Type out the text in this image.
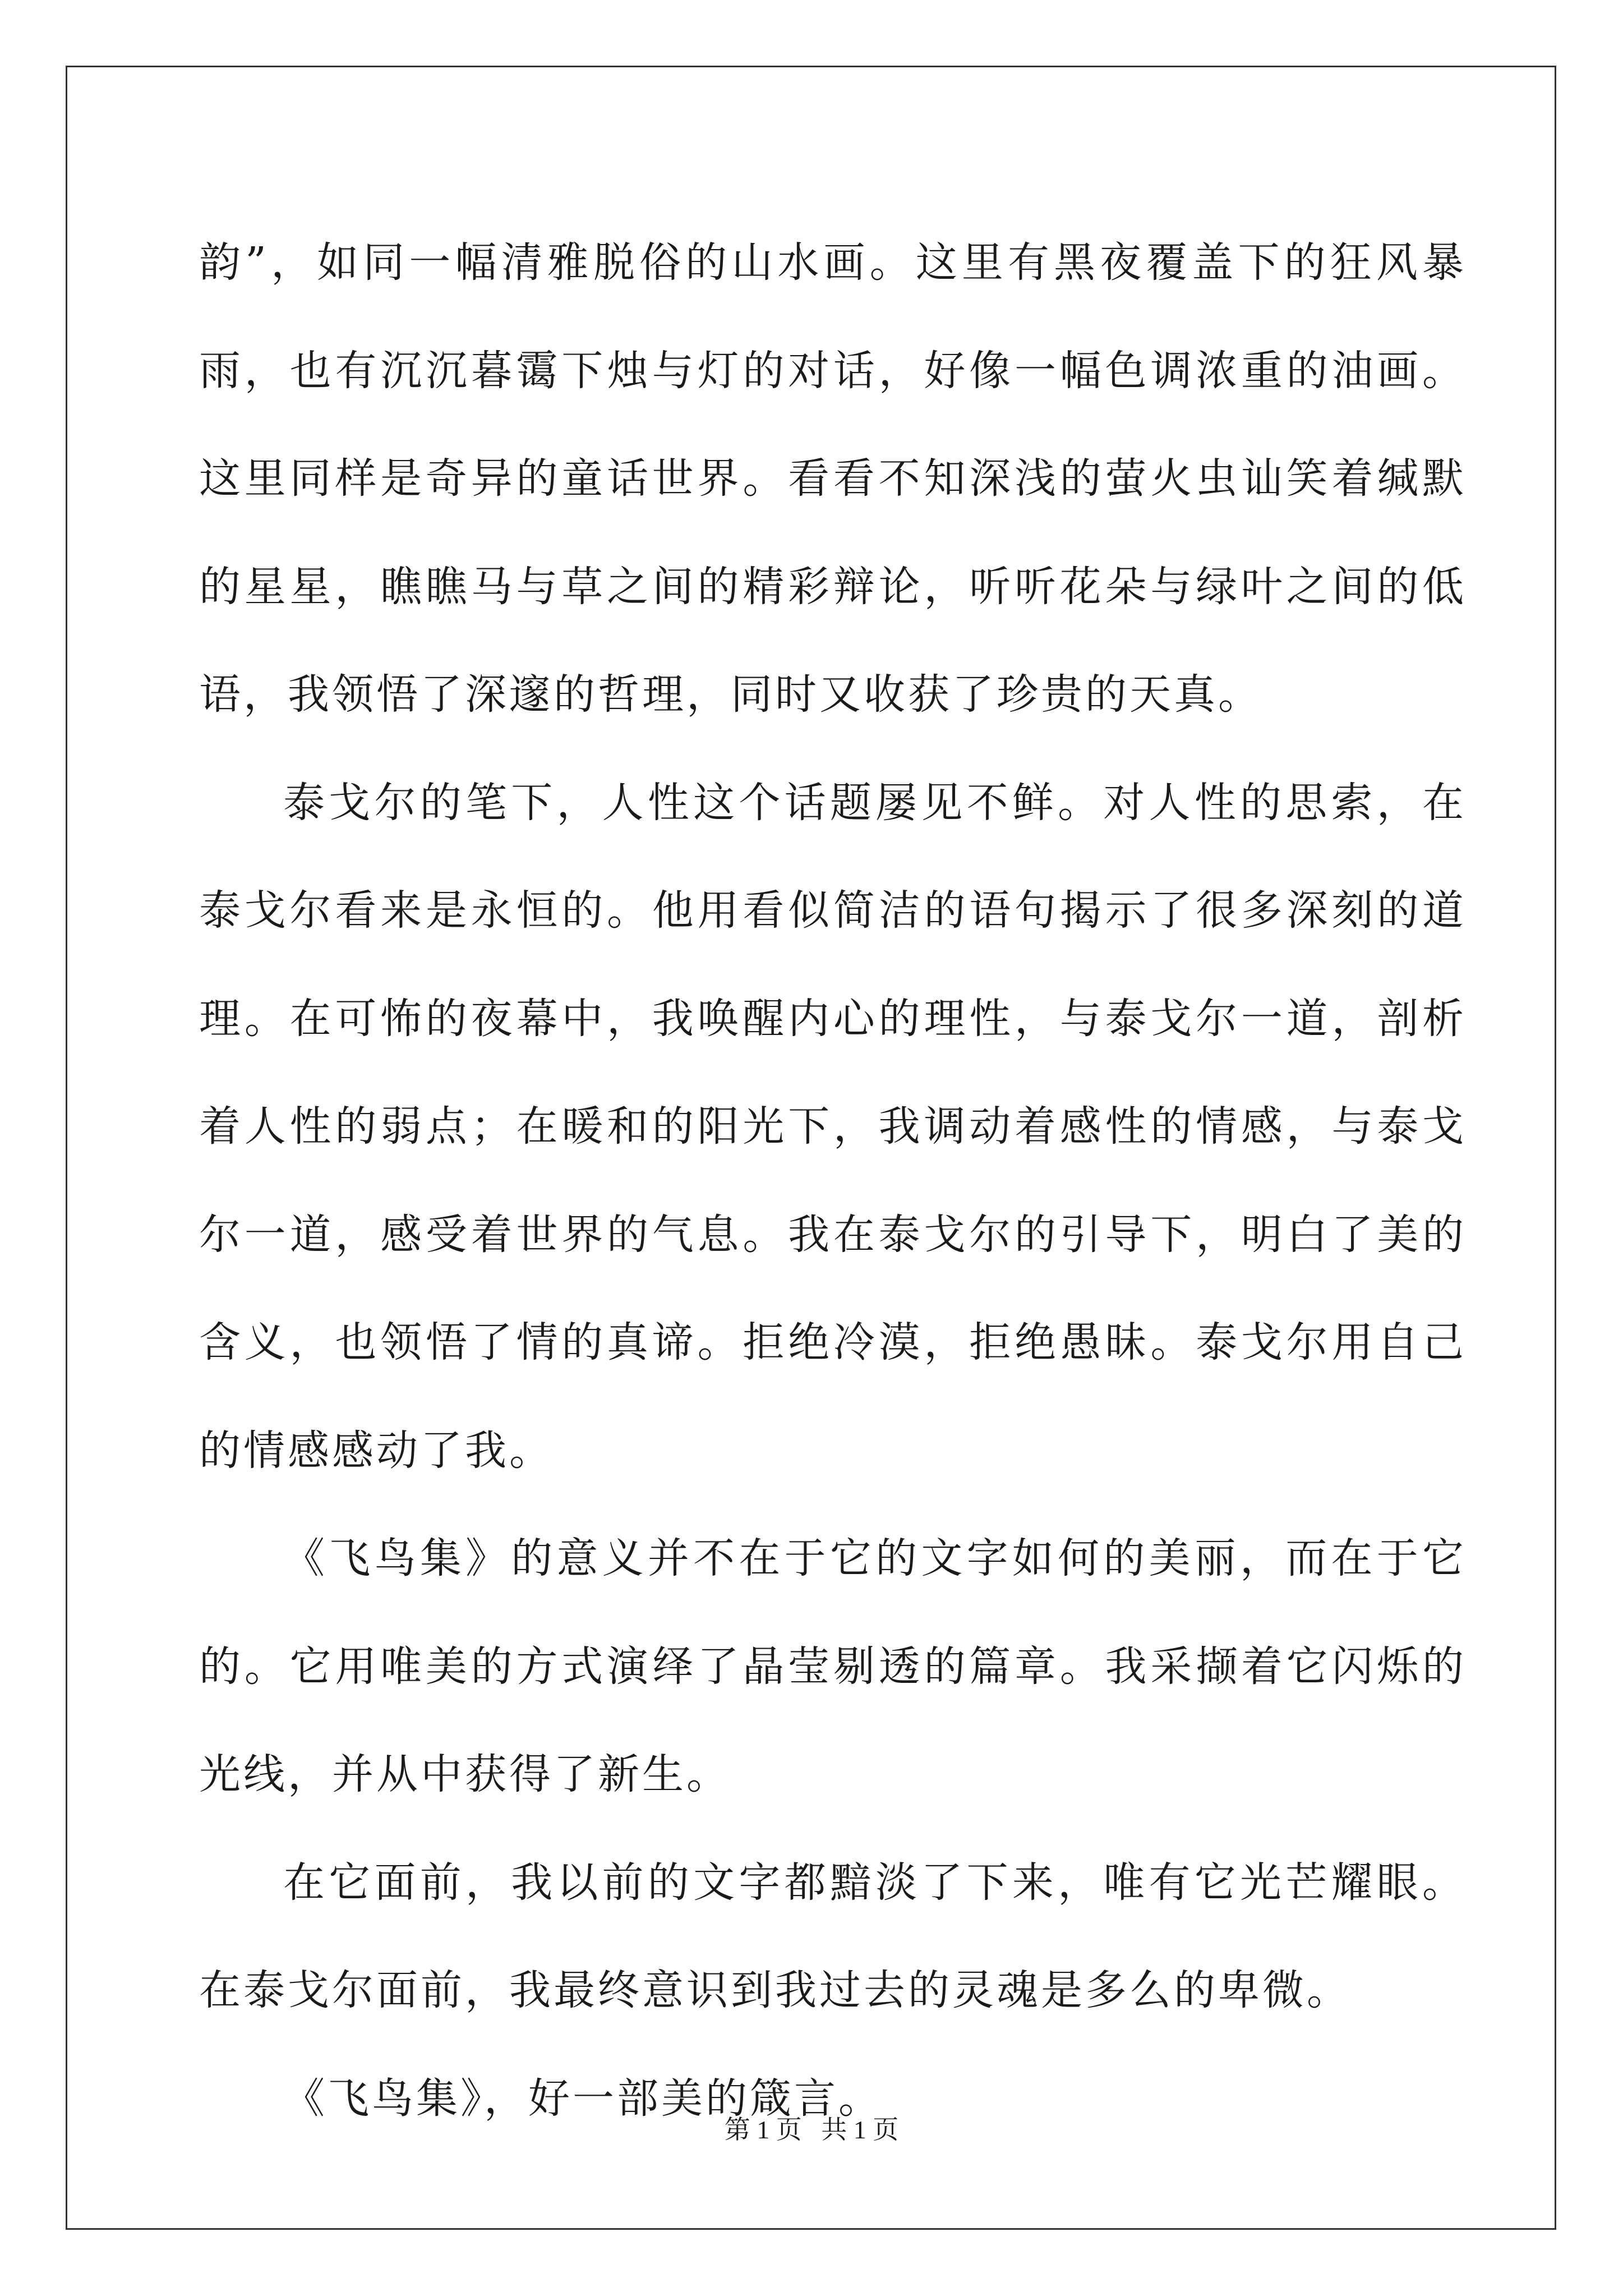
韵”，如同一幅清雅脱俗的山水画。这里有黑夜覆盖下的狂风暴雨，也有沉沉暮霭下烛与灯的对话，好像一幅色调浓重的油画。这里同样是奇异的童话世界。看看不知深浅的萤火虫讪笑着缄默的星星，瞧瞧马与草之间的精彩辩论，听听花朵与绿叶之间的低语，我领悟了深邃的哲理，同时又收获了珍贵的天真。

泰戈尔的笔下，人性这个话题屡见不鲜。对人性的思索，在泰戈尔看来是永恒的。他用看似简洁的语句揭示了很多深刻的道理。在可怖的夜幕中，我唤醒内心的理性，与泰戈尔一道，剖析着人性的弱点；在暖和的阳光下，我调动着感性的情感，与泰戈尔一道，感受着世界的气息。我在泰戈尔的引导下，明白了美的含义，也领悟了情的真谛。拒绝冷漠，拒绝愚昧。泰戈尔用自己的情感感动了我。

《飞鸟集》的意义并不在于它的文字如何的美丽，而在于它的。它用唯美的方式演绎了晶莹剔透的篇章。我采撷着它闪烁的光线，并从中获得了新生。

在它面前，我以前的文字都黯淡了下来，唯有它光芒耀眼。在泰戈尔面前，我最终意识到我过去的灵魂是多么的卑微。

《飞鸟集》，好一部美的箴言。

第 1 页   共 1 页
